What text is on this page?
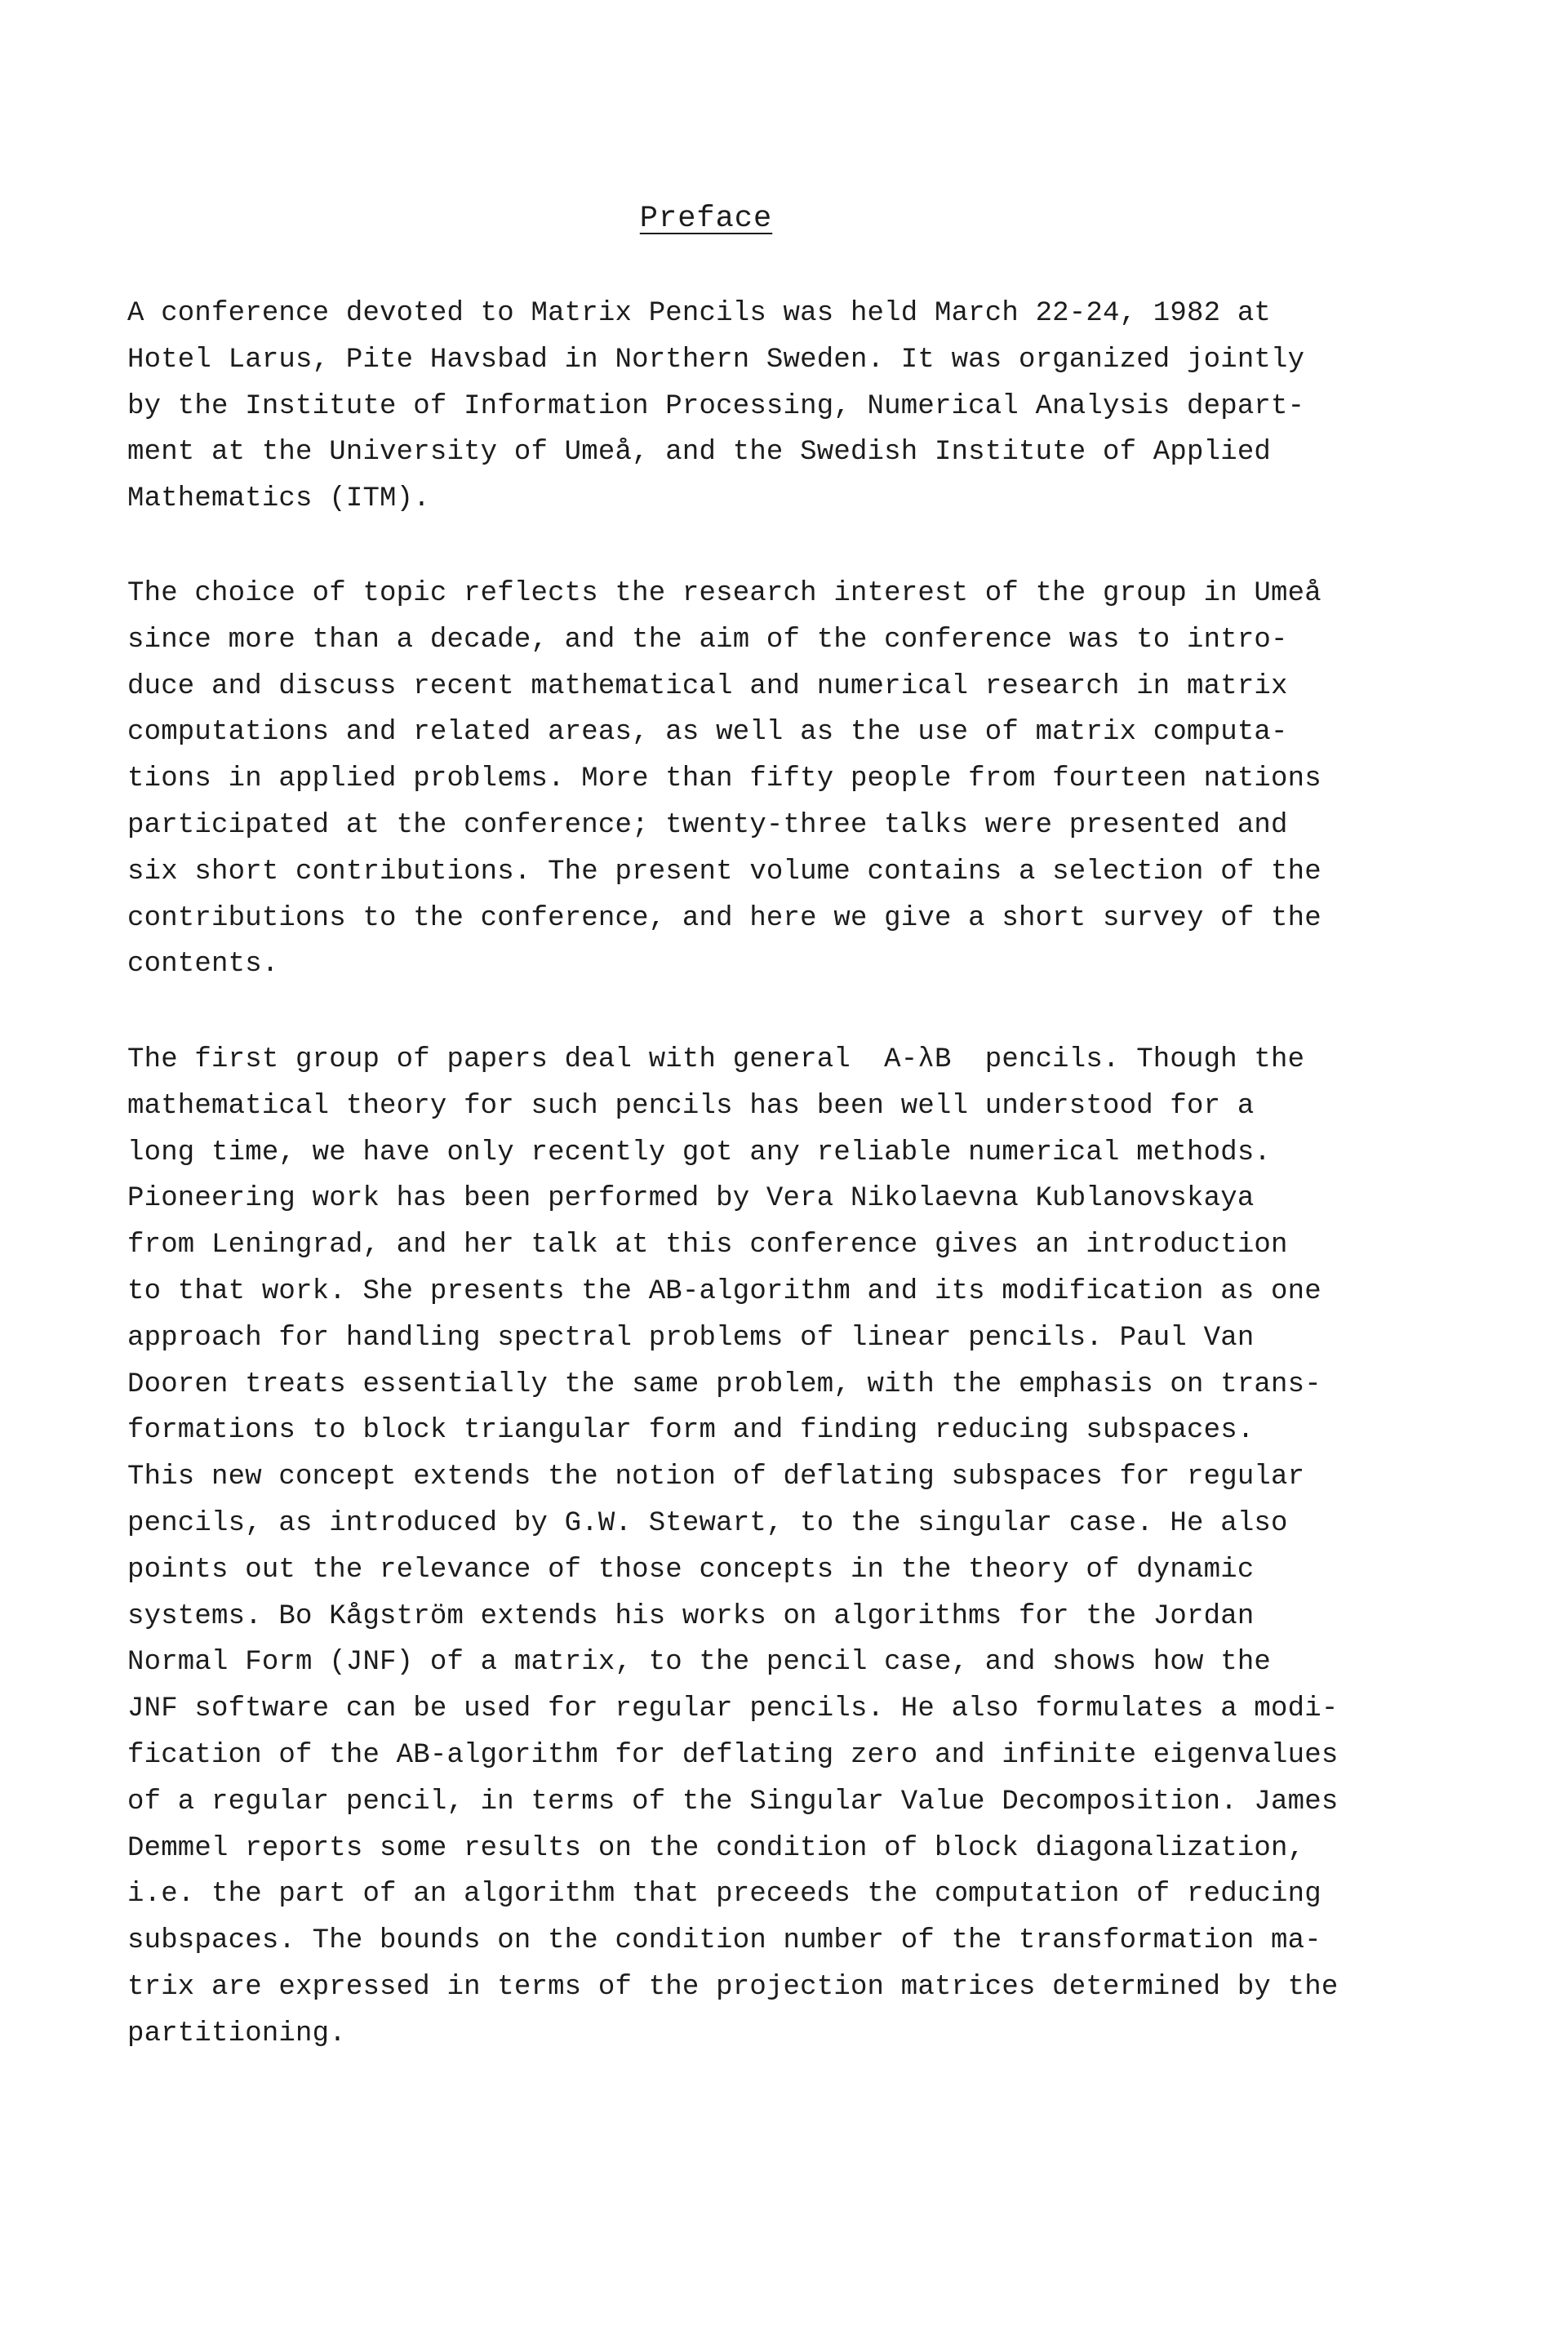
Preface
A conference devoted to Matrix Pencils was held March 22-24, 1982 at
Hotel Larus, Pite Havsbad in Northern Sweden. It was organized jointly
by the Institute of Information Processing, Numerical Analysis depart-
ment at the University of Umeå, and the Swedish Institute of Applied
Mathematics (ITM).
The choice of topic reflects the research interest of the group in Umeå
since more than a decade, and the aim of the conference was to intro-
duce and discuss recent mathematical and numerical research in matrix
computations and related areas, as well as the use of matrix computa-
tions in applied problems. More than fifty people from fourteen nations
participated at the conference; twenty-three talks were presented and
six short contributions. The present volume contains a selection of the
contributions to the conference, and here we give a short survey of the
contents.
The first group of papers deal with general  A-λB  pencils. Though the
mathematical theory for such pencils has been well understood for a
long time, we have only recently got any reliable numerical methods.
Pioneering work has been performed by Vera Nikolaevna Kublanovskaya
from Leningrad, and her talk at this conference gives an introduction
to that work. She presents the AB-algorithm and its modification as one
approach for handling spectral problems of linear pencils. Paul Van
Dooren treats essentially the same problem, with the emphasis on trans-
formations to block triangular form and finding reducing subspaces.
This new concept extends the notion of deflating subspaces for regular
pencils, as introduced by G.W. Stewart, to the singular case. He also
points out the relevance of those concepts in the theory of dynamic
systems. Bo Kågström extends his works on algorithms for the Jordan
Normal Form (JNF) of a matrix, to the pencil case, and shows how the
JNF software can be used for regular pencils. He also formulates a modi-
fication of the AB-algorithm for deflating zero and infinite eigenvalues
of a regular pencil, in terms of the Singular Value Decomposition. James
Demmel reports some results on the condition of block diagonalization,
i.e. the part of an algorithm that preceeds the computation of reducing
subspaces. The bounds on the condition number of the transformation ma-
trix are expressed in terms of the projection matrices determined by the
partitioning.
